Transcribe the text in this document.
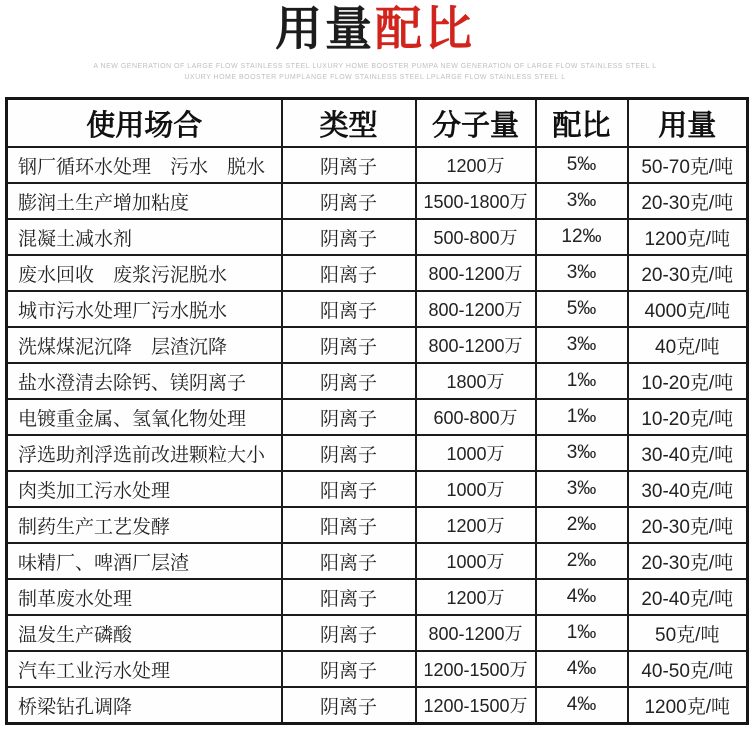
用量配比
A NEW GENERATION OF LARGE FLOW STAINLESS STEEL LUXURY HOME BOOSTER PUMPA NEW GENERATION OF LARGE FLOW STAINLESS STEEL L
UXURY HOME BOOSTER PUMPLANGE FLOW STAINLESS STEEL LPLARGE FLOW STAINLESS STEEL L
使用场合	类型	分子量	配比	用量
钢厂循环水处理　污水　脱水	阴离子	1200万	5‰	50-70克/吨
膨润土生产增加粘度	阴离子	1500-1800万	3‰	20-30克/吨
混凝土减水剂	阴离子	500-800万	12‰	1200克/吨
废水回收　废浆污泥脱水	阳离子	800-1200万	3‰	20-30克/吨
城市污水处理厂污水脱水	阳离子	800-1200万	5‰	4000克/吨
洗煤煤泥沉降　层渣沉降	阴离子	800-1200万	3‰	40克/吨
盐水澄清去除钙、镁阴离子	阴离子	1800万	1‰	10-20克/吨
电镀重金属、氢氧化物处理	阴离子	600-800万	1‰	10-20克/吨
浮选助剂浮选前改进颗粒大小	阴离子	1000万	3‰	30-40克/吨
肉类加工污水处理	阳离子	1000万	3‰	30-40克/吨
制药生产工艺发酵	阳离子	1200万	2‰	20-30克/吨
味精厂、啤酒厂层渣	阳离子	1000万	2‰	20-30克/吨
制革废水处理	阳离子	1200万	4‰	20-40克/吨
温发生产磷酸	阴离子	800-1200万	1‰	50克/吨
汽车工业污水处理	阴离子	1200-1500万	4‰	40-50克/吨
桥梁钻孔调降	阴离子	1200-1500万	4‰	1200克/吨
